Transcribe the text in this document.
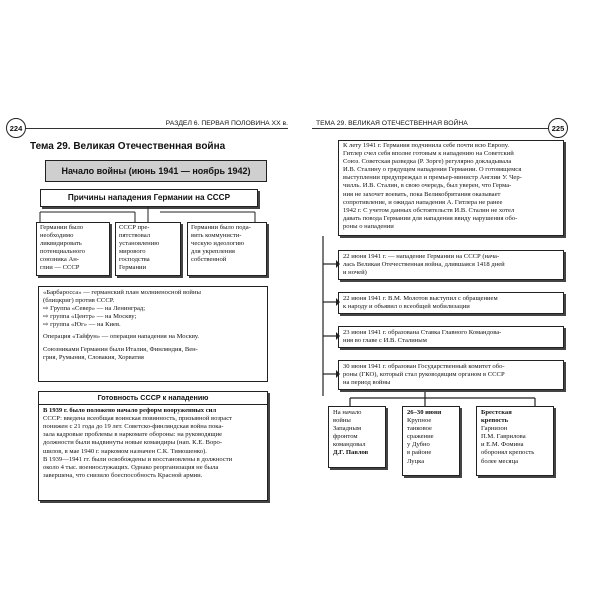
224
РАЗДЕЛ 6. ПЕРВАЯ ПОЛОВИНА XX в.
Тема 29. Великая Отечественная война
Начало войны (июнь 1941 — ноябрь 1942)
Причины нападения Германии на СССР
Германии было
необходимо
ликвидировать
потенциального
союзника Ан-
глии — СССР
СССР пре-
пятствовал
установлению
мирового
господства
Германии
Германии было пода-
вить коммунисти-
ческую идеологию
для укрепления
собственной
«Барбаросса» — германский план молниеносной войны
(блицкриг) против СССР.
⇨ Группа «Север» — на Ленинград;
⇨ группа «Центр» — на Москву;
⇨ группа «Юг» — на Киев.
Операция «Тайфун» — операция нападения на Москву.
Союзниками Германии были Италия, Финляндия, Вен-
грия, Румыния, Словакия, Хорватия
Готовность СССР к нападению
В 1939 г. было положено начало реформ вооруженных сил
СССР: введена всеобщая воинская повинность, призывной возраст
понижен с 21 года до 19 лет. Советско-финляндская война пока-
зала кадровые проблемы в наркомате обороны: на руководящие
должности были выдвинуты новые командиры (нап. К.Е. Воро-
шилов, в мае 1940 г. наркомом назначен С.К. Тимошенко).
В 1939—1941 гг. были освобождены и восстановлены в должности
около 4 тыс. военнослужащих. Однако реорганизация не была
завершена, что снизило боеспособность Красной армии.
225
ТЕМА 29. ВЕЛИКАЯ ОТЕЧЕСТВЕННАЯ ВОЙНА
К лету 1941 г. Германия подчинила себе почти всю Европу.
Гитлер счел себя вполне готовым к нападению на Советский
Союз. Советская разведка (Р. Зорге) регулярно докладывала
И.В. Сталину о грядущем нападении Германии. О готовящемся
выступлении предупреждал и премьер-министр Англии У. Чер-
чилль. И.В. Сталин, в свою очередь, был уверен, что Герма-
ния не захочет воевать, пока Великобритания оказывает
сопротивление, и ожидал нападения А. Гитлера не ранее
1942 г. С учетом данных обстоятельств И.В. Сталин не хотел
давать повода Германии для нападения ввиду нарушения обо-
роны о нападении
22 июня 1941 г. — нападение Германии на СССР (нача-
лась Великая Отечественная война, длившаяся 1418 дней
и ночей)
22 июня 1941 г. В.М. Молотов выступил с обращением
к народу и объявил о всеобщей мобилизации
23 июня 1941 г. образована Ставка Главного Командова-
ния во главе с И.В. Сталиным
30 июня 1941 г. образован Государственный комитет обо-
роны (ГКО), который стал руководящим органом в СССР
на период войны
На начало
войны
Западным
фронтом
командовал
Д.Г. Павлов
26–30 июня
Крупное
танковое
сражение
у Дубно
в районе
Луцка
Брестская
крепость
Гарнизон
П.М. Гаврилова
и Е.М. Фомина
оборонял крепость
более месяца
